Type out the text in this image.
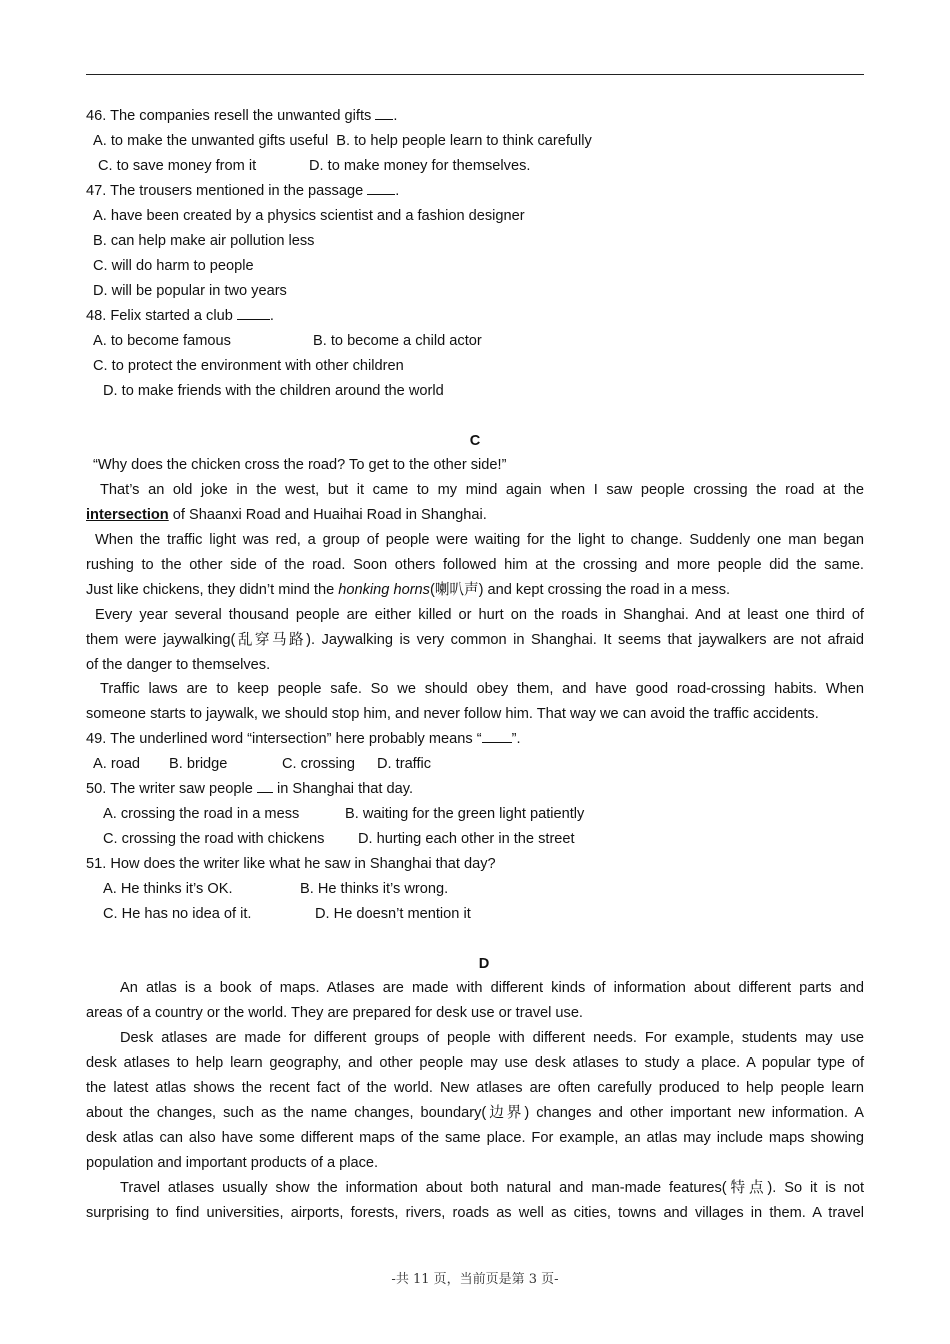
46. The companies resell the unwanted gifts .
A. to make the unwanted gifts useful B. to help people learn to think carefully
C. to save money from it	D. to make money for themselves.
47. The trousers mentioned in the passage .
A. have been created by a physics scientist and a fashion designer
B. can help make air pollution less
C. will do harm to people
D. will be popular in two years
48. Felix started a club .
A. to become famous	B. to become a child actor
C. to protect the environment with other children
D. to make friends with the children around the world
C
“Why does the chicken cross the road? To get to the other side!”
That’s an old joke in the west, but it came to my mind again when I saw people crossing the road at the
intersection of Shaanxi Road and Huaihai Road in Shanghai.
When the traffic light was red, a group of people were waiting for the light to change. Suddenly one man began
rushing to the other side of the road. Soon others followed him at the crossing and more people did the same.
Just like chickens, they didn’t mind the honking horns(喇叭声) and kept crossing the road in a mess.
Every year several thousand people are either killed or hurt on the roads in Shanghai. And at least one third of
them were jaywalking(乱穿马路). Jaywalking is very common in Shanghai. It seems that jaywalkers are not afraid
of the danger to themselves.
Traffic laws are to keep people safe. So we should obey them, and have good road-crossing habits. When
someone starts to jaywalk, we should stop him, and never follow him. That way we can avoid the traffic accidents.
49. The underlined word “intersection” here probably means “ ”.
A. road B. bridge	C. crossing D. traffic
50. The writer saw people  in Shanghai that day.
A. crossing the road in a mess	B. waiting for the green light patiently
C. crossing the road with chickens D. hurting each other in the street
51. How does the writer like what he saw in Shanghai that day?
A. He thinks it’s OK.	B. He thinks it’s wrong.
C. He has no idea of it.	D. He doesn’t mention it
D
An atlas is a book of maps. Atlases are made with different kinds of information about different parts and
areas of a country or the world. They are prepared for desk use or travel use.
Desk atlases are made for different groups of people with different needs. For example, students may use
desk atlases to help learn geography, and other people may use desk atlases to study a place. A popular type of
the latest atlas shows the recent fact of the world. New atlases are often carefully produced to help people learn
about the changes, such as the name changes, boundary(边界) changes and other important new information. A
desk atlas can also have some different maps of the same place. For example, an atlas may include maps showing
population and important products of a place.
Travel atlases usually show the information about both natural and man-made features(特点). So it is not
surprising to find universities, airports, forests, rivers, roads as well as cities, towns and villages in them. A travel
-共 11 页，当前页是第 3 页-
